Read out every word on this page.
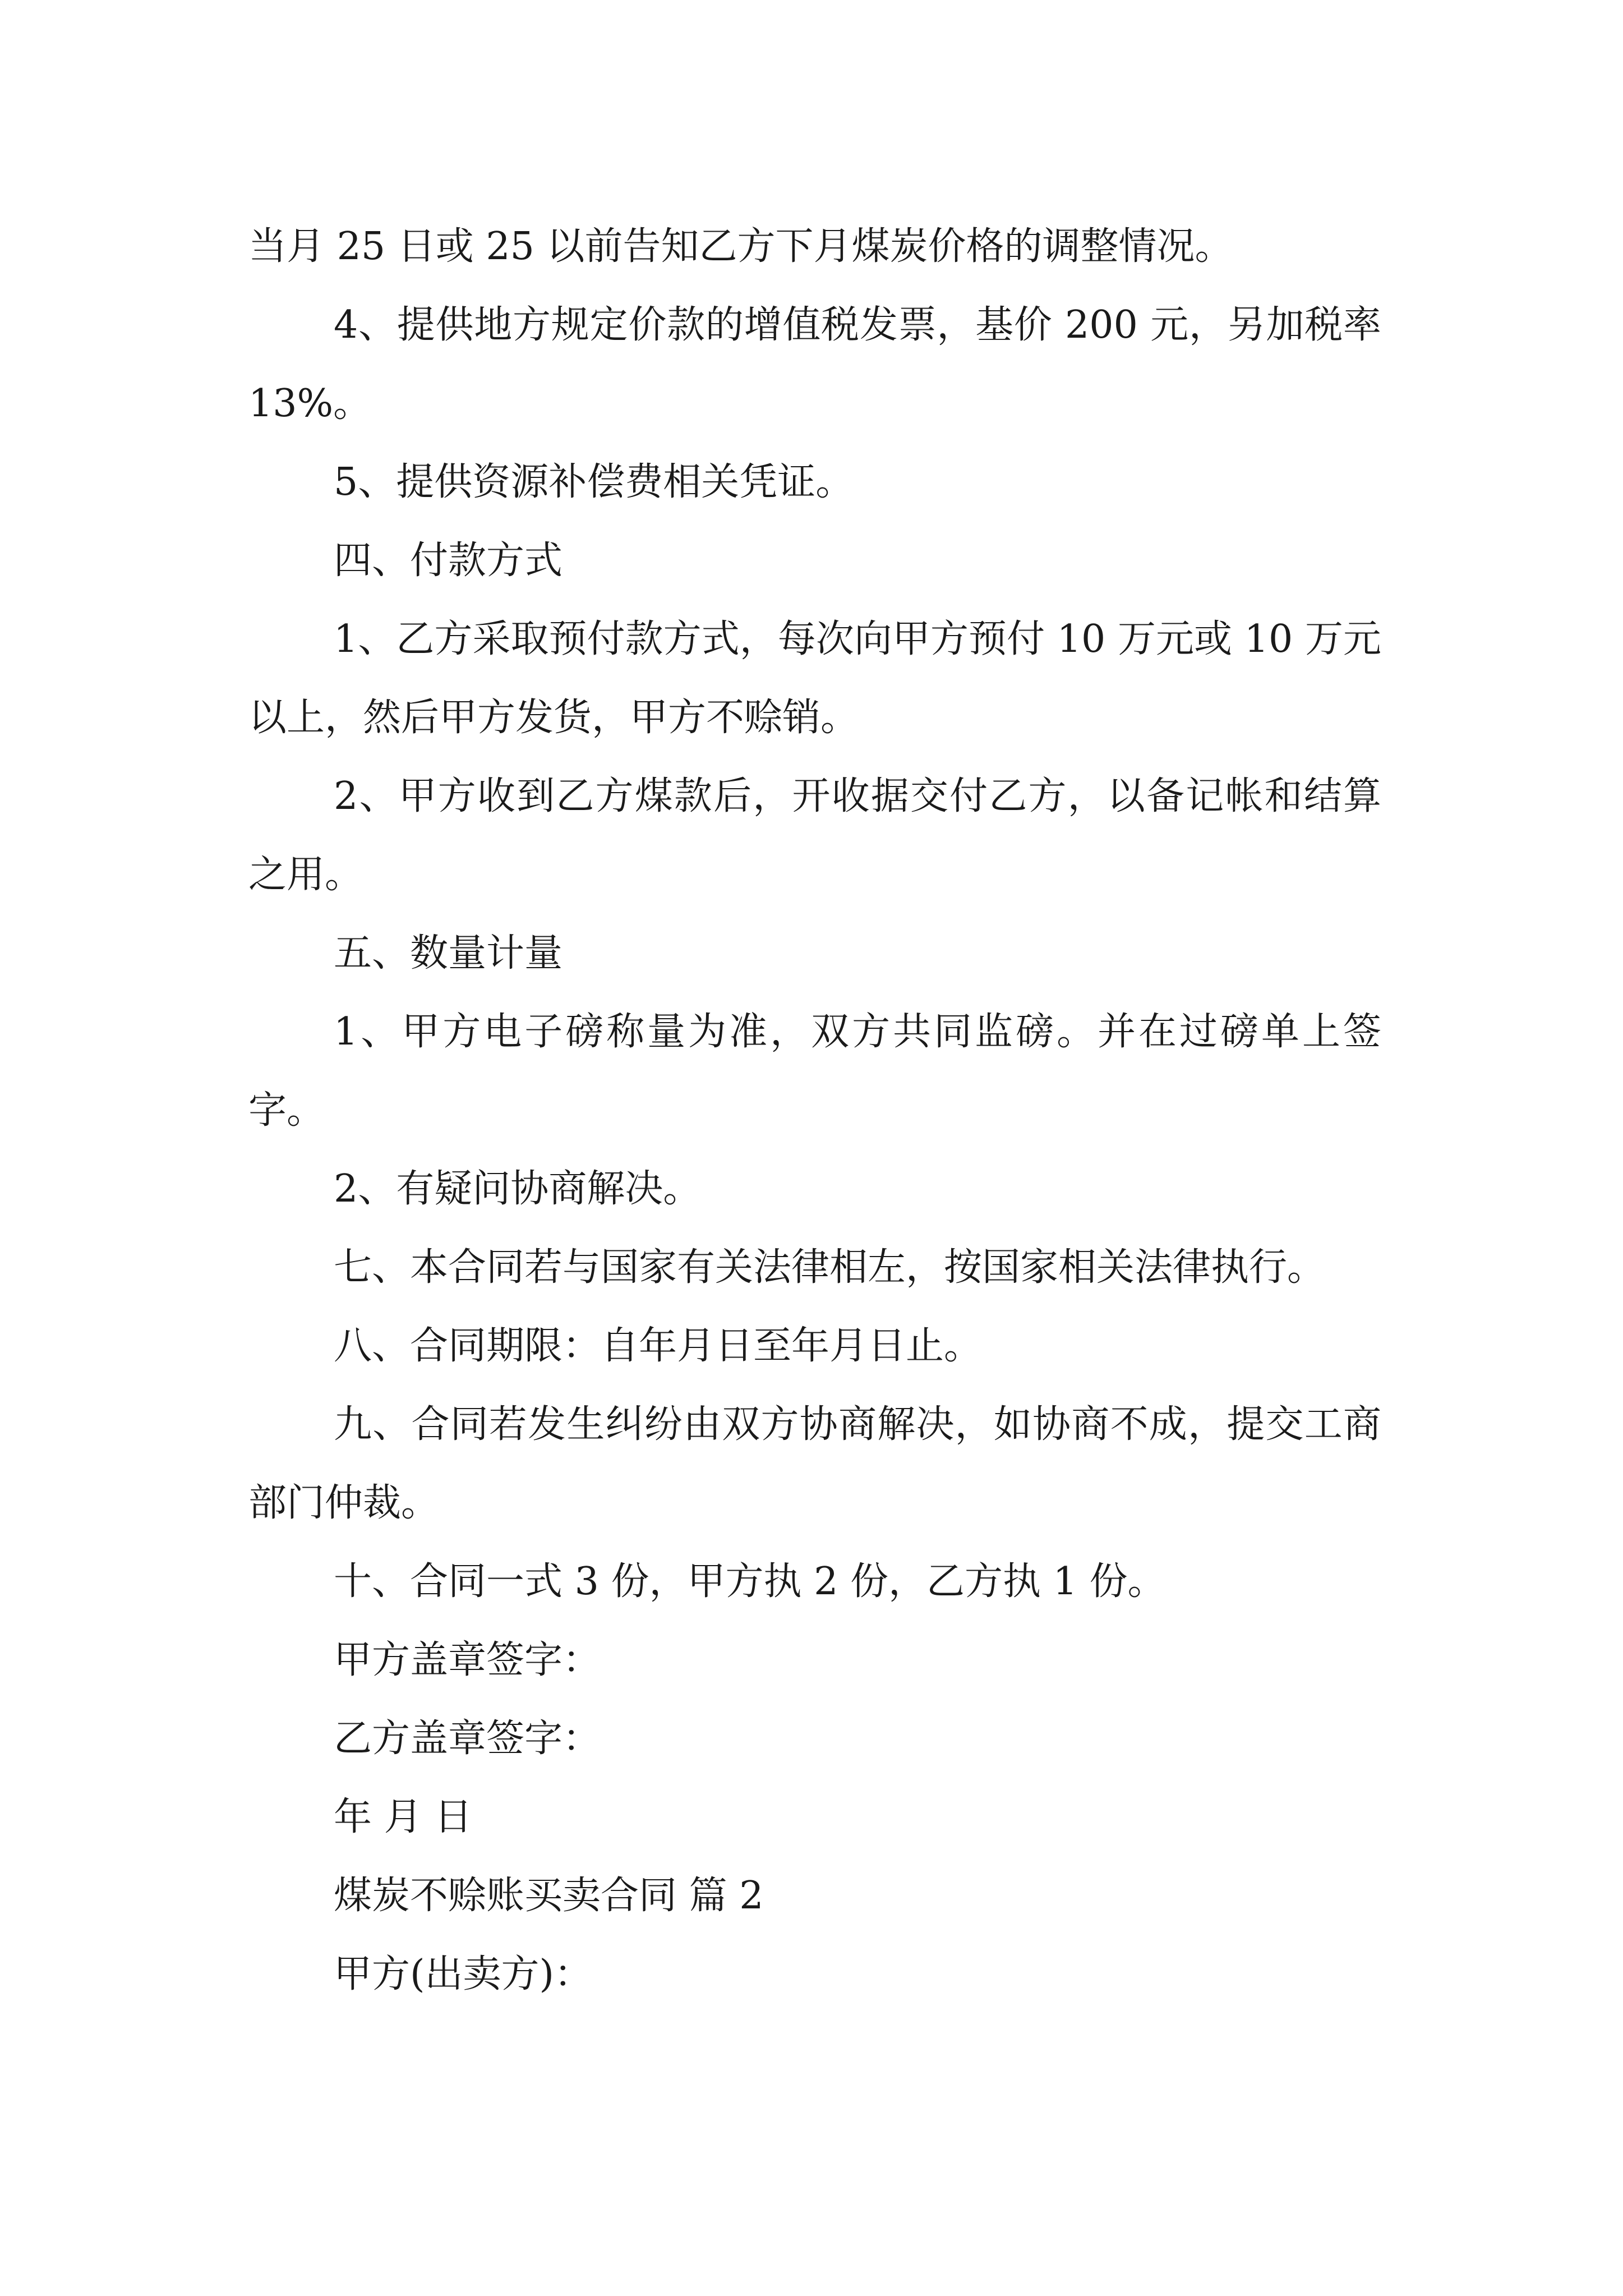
当月 25 日或 25 以前告知乙方下月煤炭价格的调整情况。

4、提供地方规定价款的增值税发票，基价 200 元，另加税率 13%。

5、提供资源补偿费相关凭证。

四、付款方式

1、乙方采取预付款方式，每次向甲方预付 10 万元或 10 万元以上，然后甲方发货，甲方不赊销。

2、甲方收到乙方煤款后，开收据交付乙方，以备记帐和结算之用。

五、数量计量

1、甲方电子磅称量为准，双方共同监磅。并在过磅单上签字。

2、有疑问协商解决。

七、本合同若与国家有关法律相左，按国家相关法律执行。

八、合同期限：自年月日至年月日止。

九、合同若发生纠纷由双方协商解决，如协商不成，提交工商部门仲裁。

十、合同一式 3 份，甲方执 2 份，乙方执 1 份。

甲方盖章签字：

乙方盖章签字：

年 月 日

煤炭不赊账买卖合同 篇 2

甲方(出卖方)：
